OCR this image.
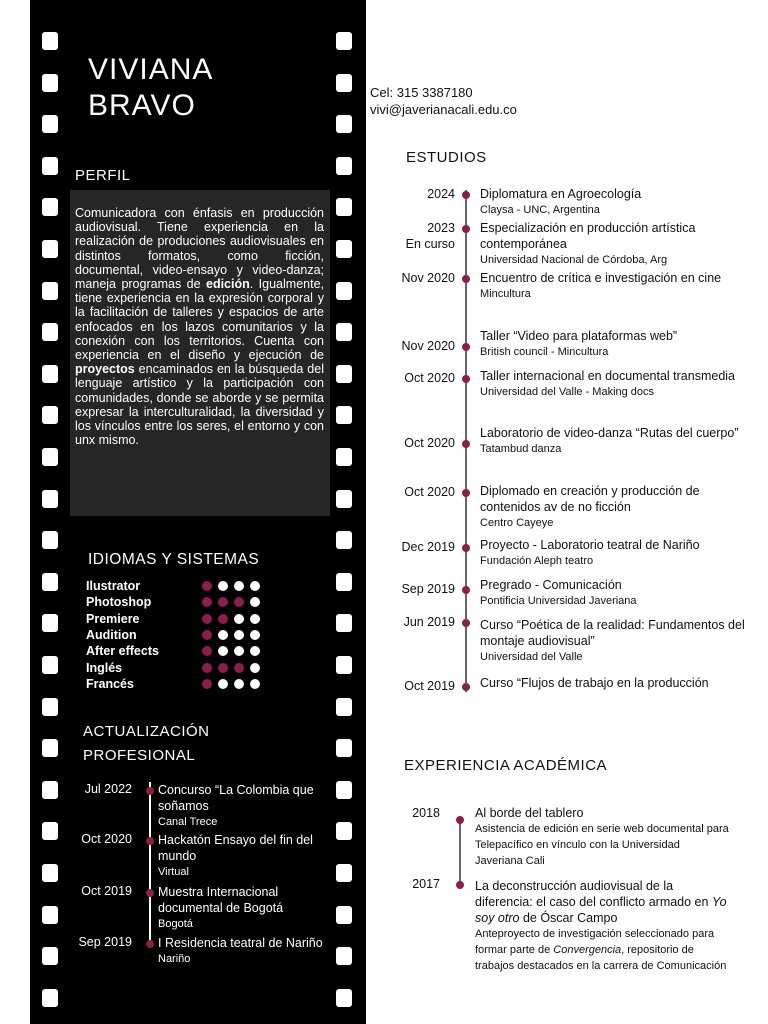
VIVIANA
BRAVO
PERFIL
Comunicadora con énfasis en producción audiovisual. Tiene experiencia en la realización de produciones audiovisuales en distintos formatos, como ficción, documental, video-ensayo y video-danza; maneja programas de edición. Igualmente, tiene experiencia en la expresión corporal y la facilitación de talleres y espacios de arte enfocados en los lazos comunitarios y la conexión con los territorios. Cuenta con experiencia en el diseño y ejecución de proyectos encaminados en la búsqueda del lenguaje artístico y la participación con comunidades, donde se aborde y se permita expresar la interculturalidad, la diversidad y los vínculos entre los seres, el entorno y con unx mismo.
IDIOMAS Y SISTEMAS
Ilustrator
Photoshop
Premiere
Audition
After effects
Inglés
Francés
ACTUALIZACIÓN
PROFESIONAL
Jul 2022 Concurso “La Colombia que soñamos
Canal Trece
Oct 2020 Hackatón Ensayo del fin del mundo
Virtual
Oct 2019 Muestra Internacional documental de Bogotá
Bogotá
Sep 2019 I Residencia teatral de Nariño
Nariño
Cel: 315 3387180
vivi@javerianacali.edu.co
ESTUDIOS
2024 Diplomatura en Agroecología
Claysa - UNC, Argentina
2023
En curso
Especialización en producción artística contemporánea
Universidad Nacional de Córdoba, Arg
Nov 2020 Encuentro de crítica e investigación en cine
Mincultura
Nov 2020
Taller “Video para plataformas web”
British council - Mincultura
Oct 2020 Taller internacional en documental transmedia
Universidad del Valle - Making docs
Oct 2020
Laboratorio de video-danza “Rutas del cuerpo”
Tatambud danza
Oct 2020 Diplomado en creación y producción de contenidos av de no ficción
Centro Cayeye
Dec 2019 Proyecto - Laboratorio teatral de Nariño
Fundación Aleph teatro
Sep 2019 Pregrado - Comunicación
Pontificia Universidad Javeriana
Jun 2019 Curso “Poética de la realidad: Fundamentos del montaje audiovisual”
Universidad del Valle
Oct 2019 Curso “Flujos de trabajo en la producción
EXPERIENCIA ACADÉMICA
2018	Al borde del tablero
Asistencia de edición en serie web documental para Telepacífico en vínculo con la Universidad Javeriana Cali
2017	La deconstrucción audiovisual de la diferencia: el caso del conflicto armado en Yo soy otro de Óscar Campo
Anteproyecto de investigación seleccionado para formar parte de Convergencia, repositorio de trabajos destacados en la carrera de Comunicación
